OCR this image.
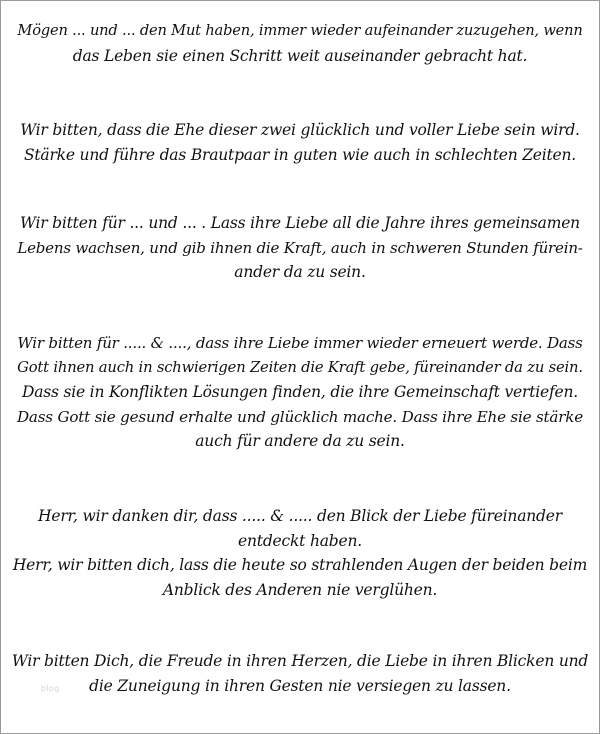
Mögen ... und ... den Mut haben, immer wieder aufeinander zuzugehen, wenn
das Leben sie einen Schritt weit auseinander gebracht hat.
Wir bitten, dass die Ehe dieser zwei glücklich und voller Liebe sein wird.
Stärke und führe das Brautpaar in guten wie auch in schlechten Zeiten.
Wir bitten für ... und ... . Lass ihre Liebe all die Jahre ihres gemeinsamen
Lebens wachsen, und gib ihnen die Kraft, auch in schweren Stunden fürein-
ander da zu sein.
Wir bitten für ..... & ...., dass ihre Liebe immer wieder erneuert werde. Dass
Gott ihnen auch in schwierigen Zeiten die Kraft gebe, füreinander da zu sein.
Dass sie in Konflikten Lösungen finden, die ihre Gemeinschaft vertiefen.
Dass Gott sie gesund erhalte und glücklich mache. Dass ihre Ehe sie stärke
auch für andere da zu sein.
Herr, wir danken dir, dass ..... & ..... den Blick der Liebe füreinander
entdeckt haben.
Herr, wir bitten dich, lass die heute so strahlenden Augen der beiden beim
Anblick des Anderen nie verglühen.
Wir bitten Dich, die Freude in ihren Herzen, die Liebe in ihren Blicken und
die Zuneigung in ihren Gesten nie versiegen zu lassen.
blog
